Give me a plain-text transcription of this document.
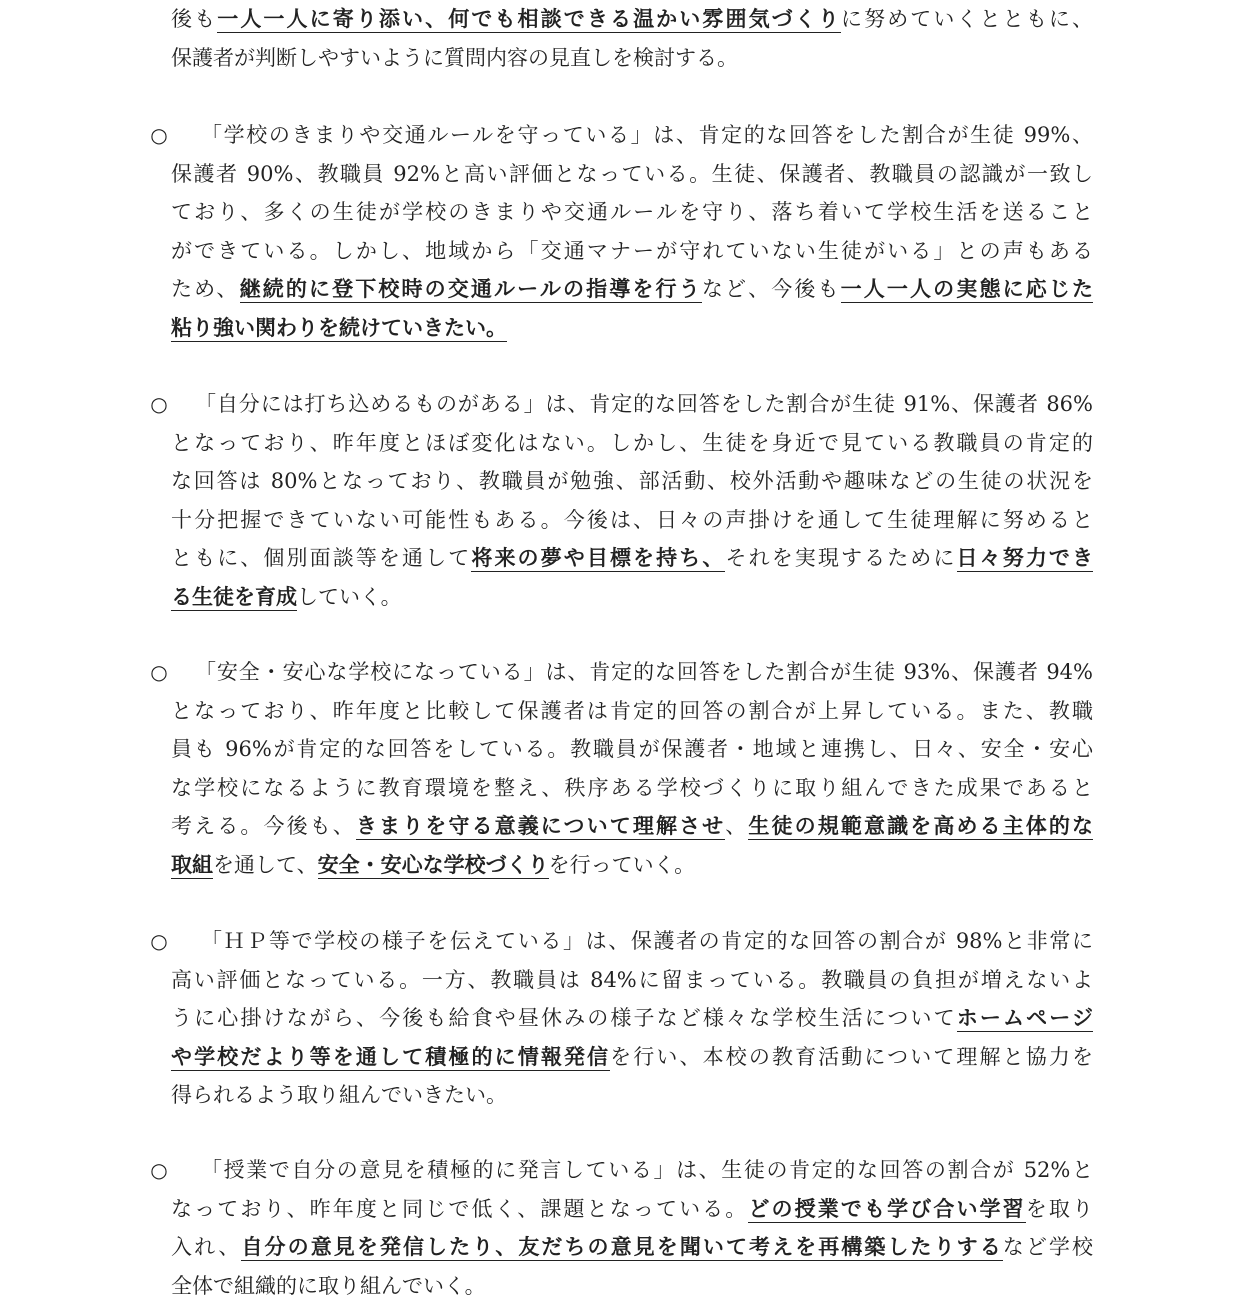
後も一人一人に寄り添い、何でも相談できる温かい雰囲気づくりに努めていくとともに、
保護者が判断しやすいように質問内容の見直しを検討する。
○	「学校のきまりや交通ルールを守っている」は、肯定的な回答をした割合が生徒 99%、
保護者 90%、教職員 92%と高い評価となっている。生徒、保護者、教職員の認識が一致し
ており、多くの生徒が学校のきまりや交通ルールを守り、落ち着いて学校生活を送ること
ができている。しかし、地域から「交通マナーが守れていない生徒がいる」との声もある
ため、継続的に登下校時の交通ルールの指導を行うなど、今後も一人一人の実態に応じた
粘り強い関わりを続けていきたい。
○	「自分には打ち込めるものがある」は、肯定的な回答をした割合が生徒 91%、保護者 86%
となっており、昨年度とほぼ変化はない。しかし、生徒を身近で見ている教職員の肯定的
な回答は 80%となっており、教職員が勉強、部活動、校外活動や趣味などの生徒の状況を
十分把握できていない可能性もある。今後は、日々の声掛けを通して生徒理解に努めると
ともに、個別面談等を通して将来の夢や目標を持ち、それを実現するために日々努力でき
る生徒を育成していく。
○	「安全・安心な学校になっている」は、肯定的な回答をした割合が生徒 93%、保護者 94%
となっており、昨年度と比較して保護者は肯定的回答の割合が上昇している。また、教職
員も 96%が肯定的な回答をしている。教職員が保護者・地域と連携し、日々、安全・安心
な学校になるように教育環境を整え、秩序ある学校づくりに取り組んできた成果であると
考える。今後も、きまりを守る意義について理解させ、生徒の規範意識を高める主体的な
取組を通して、安全・安心な学校づくりを行っていく。
○	「ＨＰ等で学校の様子を伝えている」は、保護者の肯定的な回答の割合が 98%と非常に
高い評価となっている。一方、教職員は 84%に留まっている。教職員の負担が増えないよ
うに心掛けながら、今後も給食や昼休みの様子など様々な学校生活についてホームページ
や学校だより等を通して積極的に情報発信を行い、本校の教育活動について理解と協力を
得られるよう取り組んでいきたい。
○	「授業で自分の意見を積極的に発言している」は、生徒の肯定的な回答の割合が 52%と
なっており、昨年度と同じで低く、課題となっている。どの授業でも学び合い学習を取り
入れ、自分の意見を発信したり、友だちの意見を聞いて考えを再構築したりするなど学校
全体で組織的に取り組んでいく。
